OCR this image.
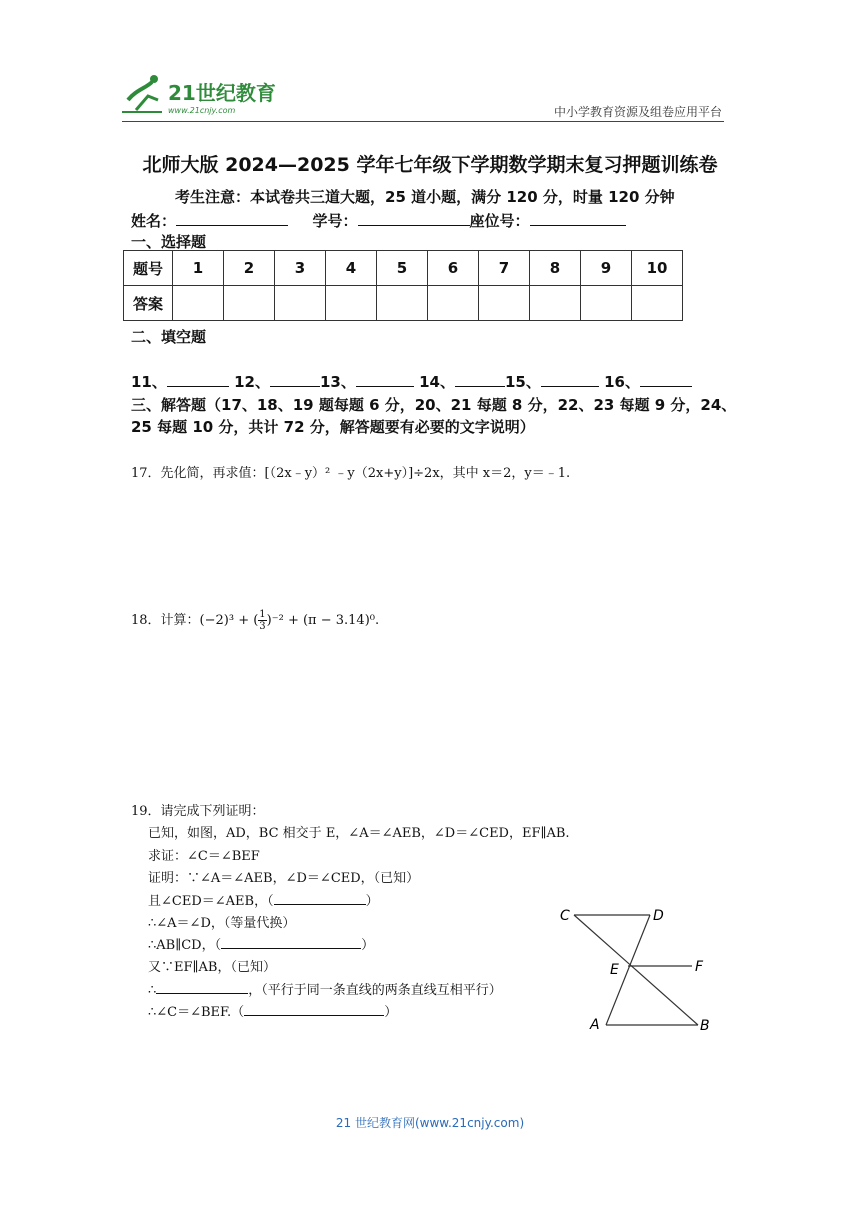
21世纪教育
www.21cnjy.com	中小学教育资源及组卷应用平台
北师大版 2024—2025 学年七年级下学期数学期末复习押题训练卷
考生注意：本试卷共三道大题，25 道小题，满分 120 分，时量 120 分钟
姓名：	学号：	座位号：
一、选择题
题号	1	2	3	4	5	6	7	8	9	10
答案										
二、填空题
11、	12、	13、	14、	15、	16、
三、解答题（17、18、19 题每题 6 分，20、21 每题 8 分，22、23 每题 9 分，24、
25 每题 10 分，共计 72 分，解答题要有必要的文字说明）
17．先化简，再求值：[（2x﹣y）² ﹣y（2x+y）]÷2x，其中 x＝2，y＝﹣1.
18．计算：(−2)³ + ( $\frac{1}{3} )^{-2} + (\pi - 3.14)^0$.
19．请完成下列证明：
已知，如图，AD，BC 相交于 E，∠A＝∠AEB，∠D＝∠CED，EF∥AB.
求证：∠C＝∠BEF
证明：∵∠A＝∠AEB，∠D＝∠CED，（已知）
且∠CED＝∠AEB，（	）
∴∠A＝∠D，（等量代换）
∴AB∥CD，（	）
又∵EF∥AB，（已知）
∴	，（平行于同一条直线的两条直线互相平行）
∴∠C＝∠BEF.（	）
C	D
E	F
A	B
21 世纪教育网(www.21cnjy.com)
